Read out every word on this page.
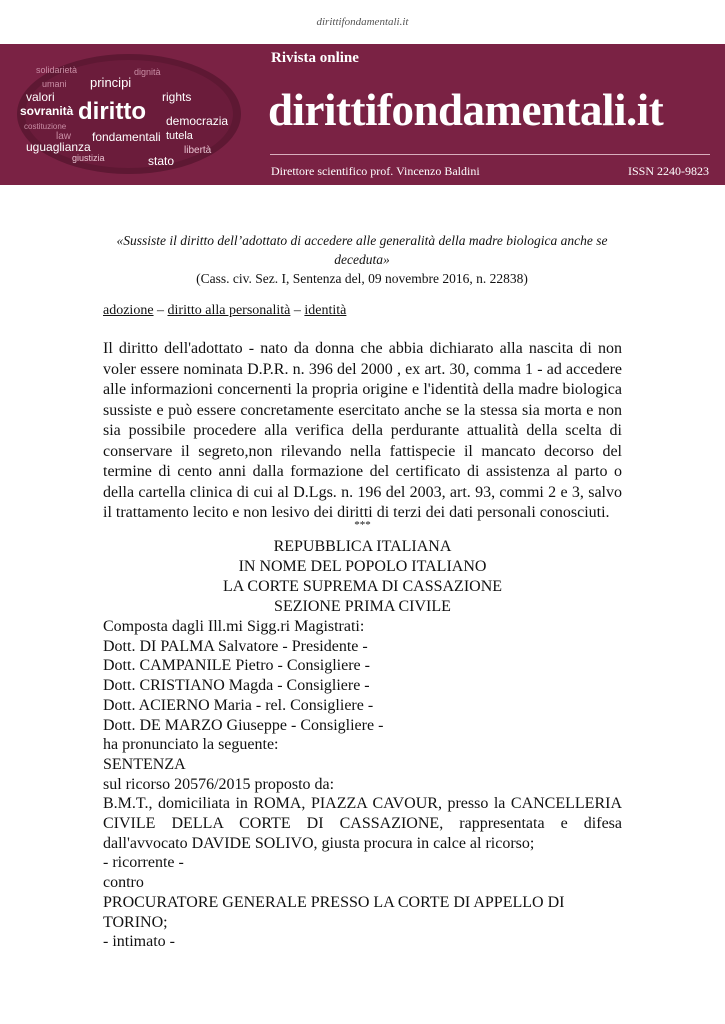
dirittifondamentali.it
solidarietà
principi
valori
sovranità diritto
rights
democrazia
tutela
uguaglianza
stato
libertà
giustizia
costituzione
law fondamentali
umani
dignità
Rivista online
dirittifondamentali.it
Direttore scientifico prof. Vincenzo Baldini	ISSN 2240-9823
«Sussiste il diritto dell’adottato di accedere alle generalità della madre biologica anche se deceduta»
(Cass. civ. Sez. I, Sentenza del, 09 novembre 2016, n. 22838)
adozione – diritto alla personalità – identità
Il diritto dell'adottato - nato da donna che abbia dichiarato alla nascita di non voler essere nominata D.P.R. n. 396 del 2000 , ex art. 30, comma 1 - ad accedere alle informazioni concernenti la propria origine e l'identità della madre biologica sussiste e può essere concretamente esercitato anche se la stessa sia morta e non sia possibile procedere alla verifica della perdurante attualità della scelta di conservare il segreto,non rilevando nella fattispecie il mancato decorso del termine di cento anni dalla formazione del certificato di assistenza al parto o della cartella clinica di cui al D.Lgs. n. 196 del 2003, art. 93, commi 2 e 3, salvo il trattamento lecito e non lesivo dei diritti di terzi dei dati personali conosciuti.
***
REPUBBLICA ITALIANA
IN NOME DEL POPOLO ITALIANO
LA CORTE SUPREMA DI CASSAZIONE
SEZIONE PRIMA CIVILE
Composta dagli Ill.mi Sigg.ri Magistrati:
Dott. DI PALMA Salvatore - Presidente -
Dott. CAMPANILE Pietro - Consigliere -
Dott. CRISTIANO Magda - Consigliere -
Dott. ACIERNO Maria - rel. Consigliere -
Dott. DE MARZO Giuseppe - Consigliere -
ha pronunciato la seguente:
SENTENZA
sul ricorso 20576/2015 proposto da:
B.M.T., domiciliata in ROMA, PIAZZA CAVOUR, presso la CANCELLERIA CIVILE DELLA CORTE DI CASSAZIONE, rappresentata e difesa dall'avvocato DAVIDE SOLIVO, giusta procura in calce al ricorso;
- ricorrente -
contro
PROCURATORE GENERALE PRESSO LA CORTE DI APPELLO DI TORINO;
- intimato -
